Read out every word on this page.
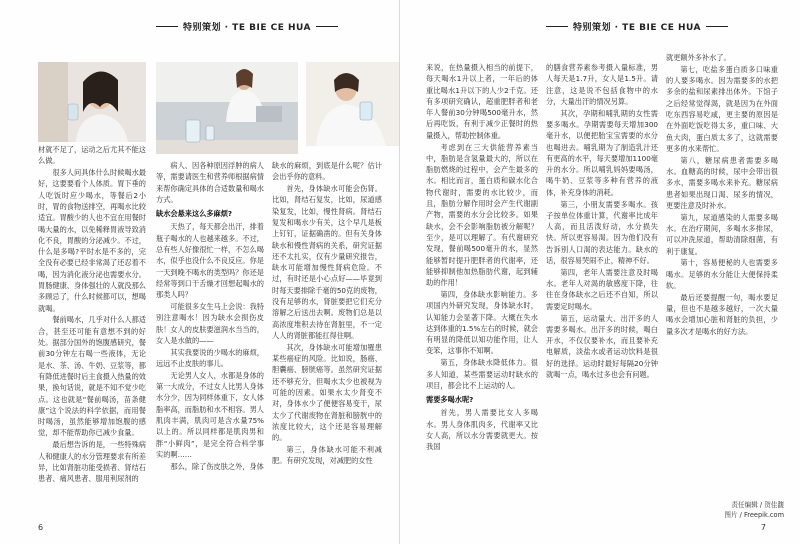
特别策划 · TE BIE CE HUA

材就不足了，运动之后尤其不能这么做。

很多人问具体什么时候喝水最好，这要要看个人体质。胃下垂的人吃饭时应少喝水，等餐后2小时，胃的食物送排空，再喝水比较适宜。胃酸少的人也不宜在用餐时喝大量的水，以免稀释胃液导致消化不良，胃酸的分泌减少。不过，什么是多喝?平时水是不多的，完全没有必要已经非常渴了还忍着不喝，因为消化液分泌也需要水分。胃肠健康、身体强壮的人就没那么多顾忌了，什么时候都可以，想喝就喝。

餐前喝水，几乎对什么人都适合，甚至还可能有意想不到的好处。据部分国外的饱腹感研究，餐前30分钟左右喝一些液体，无论是水、茶、汤、牛奶、豆浆等，都有降低进餐时后主食摄入热量的效果，换句话说，就是不知不觉少吃点。这也就是“餐前喝汤，苗条健康”这个说法的科学依据，而用餐时喝汤，虽然能够增加饱腹的感觉，却不能帮助你已减少食量。

最后想告诉的是，一些特殊病人和健康人的水分管理要求有所差异，比如肾脏功能受损者、肾结石患者、痛风患者、服用利尿剂的

病人、因各种原因浮肿的病人等，需要请医生和营养师根据病情来帮你确定具体的合适数量和喝水方式。

缺水会悬来这么多麻烦?

天热了，每天都会出汗，排着瓶子喝水的人也越来越多。不过，总有些人好像很忙一样，不怎么喝水，似乎也没什么不良反应。你是一天到晚不喝水的类型吗？你还是经常等到口干舌燥才回想起喝水的那类人吗？

可能很多女生马上会说：我特别注意喝水！因为缺水会损伤皮肤！女人的皮肤要滋润水当当的，女人是水做的——

其实我要说的少喝水的麻烦，远远不止皮肤的事儿。

无论男人女人，水都是身体的第一大成分，不过女人比男人身体水分少，因为同样体重下，女人体脂率高，而脂肪和水不相容。男人肌肉丰满，肌肉可是含水量75%以上的。所以同样都是肌肉男和胖“小鲜肉”，是完全符合科学事实的啊……

那么，除了伤皮肤之外，身体

缺水的麻烦，到底是什么呢？估计会出乎你的意料。

首先，身体缺水可能会伤肾。比如，肾结石复发，比如，尿道感染复发，比如，慢性肾病。肾结石复发和喝水少有关，这个早几是板上钉钉，证据确凿的。但有关身体缺水和慢性肾病的关系，研究证据还不太扎实，仅有少量研究报告，缺水可能增加慢性肾病危险。不过，有时还是小心点好——毕竟到时每天要排除千毫的50克的废物，没有足够的水，肾脏要把它们充分溶解之后送出去啊。废物们总是以高浓度堆积去待在肾脏里，不一定人人的肾脏都能扛得住啊。

其次，身体缺水可能增加罹患某些癌症的风险。比如说，肠癌、胆囊癌、膀胱癌等。虽然研究证据还不够充分，但喝水太少也被视为可能的因素。如果水太少肾变不对，身体水少了便便容易变干，尿太少了代谢废物在肾脏和膀胱中的浓度比较大，这个还是容易理解的。

第三，身体缺水可能不利减肥。有研究发现，对减肥的女性

6
特别策划 · TE BIE CE HUA

来说，在热量摄入相当的前提下，每天喝水1升以上者，一年后的体重比喝水1升以下的人少2千克。还有多项研究确认，超重肥胖者和老年人餐前30分钟喝500毫升水，然后再吃饭，有利于减少正餐时的热量摄入，帮助控制体重。

考虑到在三大供能营养素当中，脂肪是含氢量最大的，所以在脂肪燃烧的过程中，会产生最多的水。相比而言，蛋白质和碳水化合物代谢时，需要的水比较少，而且，脂肪分解作用时会产生代谢副产物，需要的水分会比较多。如果缺水，会不会影响脂肪被分解呢？至少，是可以理解了。有代谢研究发现，餐前喝500毫升的水，显然能够暂时提升肥胖者的代谢率，还能够抑制他加热脂肪代谢，起到辅助的作用！

第四，身体缺水影响能力。多项国内外研究发现，身体缺水时，认知能力会显著下降。大概在失水达到体重的1.5%左右的时候，就会有明显的降低以知功能作用，让人变笨，这事你不知啊。

第五，身体缺水降低体力。很多人知道，某些需要运动时缺水的项目，都会比不上运动的人。

需要多喝水呢?

首先，男人需要比女人多喝水。男人身体肌肉多，代谢率又比女人高，所以水分需要就更大。按我国

的膳食营养素参考摄入量标准，男人每天是1.7升，女人是1.5升。请注意，这是说不包括食物中的水分，大量出汗的情况另算。

其次，孕期和哺乳期的女性需要多喝水。孕期需要每天增加300毫升水，以便把胎宝宝需要的水分也喝进去。哺乳期为了制造乳汁还有更高的水平，每天要增加1100毫升的水分。所以哺乳妈妈要喝汤，喝牛奶、豆浆等多种有营养的液体，补充身体的消耗。

第三，小朋友需要多喝水。孩子按单位体重计算，代谢率比成年人高，而且活泼好动，水分损失快。所以更容易渴。因为他们没有告诉别人口渴的表达能力。缺水的话，很容易哭闹不止，精神不好。

第四，老年人需要注意及时喝水。老年人对渴的敏感度下降，往往在身体缺水之后还不自知，所以需要定时喝水。

第五，运动量大、出汗多的人需要多喝水。出汗多的时候，喝白开水，不仅仅要补水，而且要补充电解质，淡盐水或者运动饮料是很好的选择。运动时最好每隔20分钟就喝一点，喝水过多也会有问题。

就更额外多补水了。

第七，吃盐多蛋白质多口味重的人要多喝水。因为需要多的水把多余的盐和尿素排出体外。下馆子之后经常觉得渴，就是因为在外面吃东西容易吃咸，更主要的原因是在外面吃饭吃得太多，重口味、大鱼大肉，蛋白质太多了，这就需要更多的水来帮忙。

第八，糖尿病患者需要多喝水。血糖高的时候，尿中会带出很多水，需要多喝水来补充。糖尿病患者如果出现口渴、尿多的情况，更要注意及时补水。

第九，尿道感染的人需要多喝水。在治疗期间，多喝水多排尿，可以冲洗尿道，帮助清除细菌，有利于康复。

第十，容易便秘的人也需要多喝水。足够的水分能让大便保持柔软。

最后还要提醒一句，喝水要足量，但也不是越多越好，一次大量喝水会增加心脏和肾脏的负担，少量多次才是喝水的好方法。

责任编辑 / 贺佳馥
图片 / Freepik.com
7
